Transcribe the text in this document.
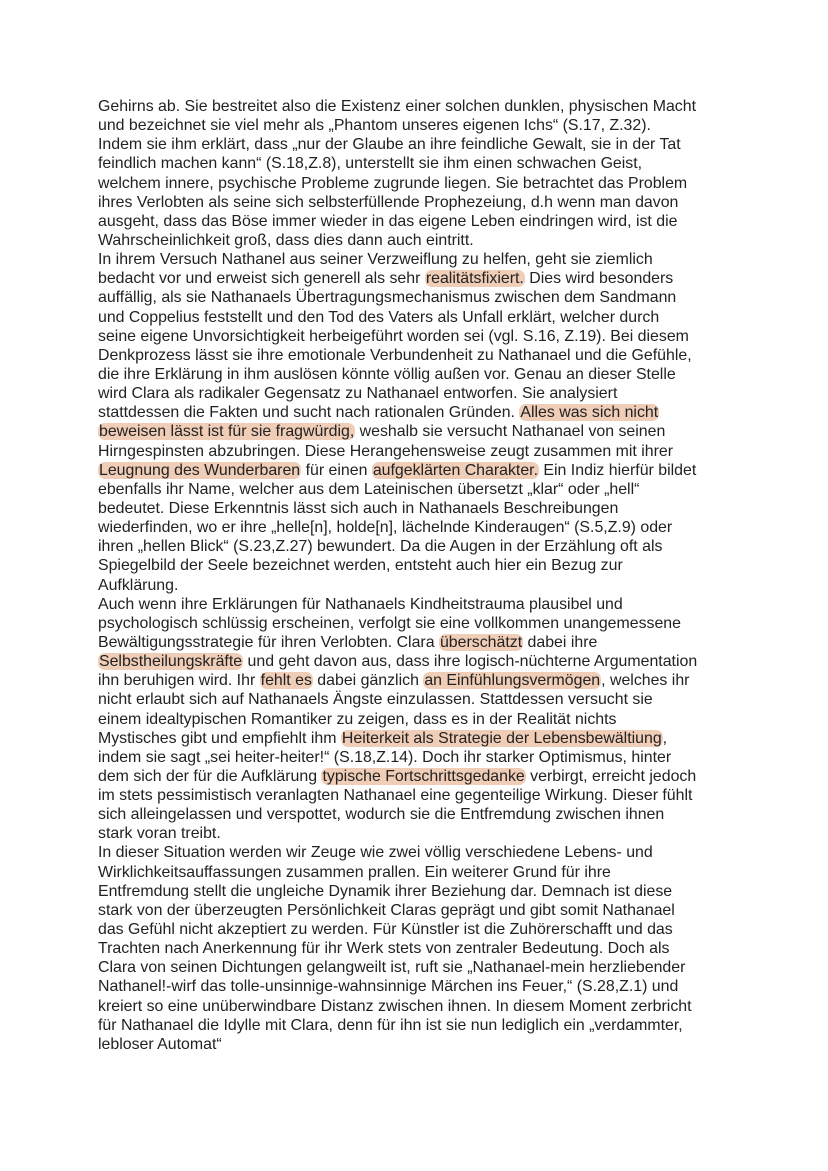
Gehirns ab. Sie bestreitet also die Existenz einer solchen dunklen, physischen Macht
und bezeichnet sie viel mehr als „Phantom unseres eigenen Ichs“ (S.17, Z.32).
Indem sie ihm erklärt, dass „nur der Glaube an ihre feindliche Gewalt, sie in der Tat
feindlich machen kann“ (S.18,Z.8), unterstellt sie ihm einen schwachen Geist,
welchem innere, psychische Probleme zugrunde liegen. Sie betrachtet das Problem
ihres Verlobten als seine sich selbsterfüllende Prophezeiung, d.h wenn man davon
ausgeht, dass das Böse immer wieder in das eigene Leben eindringen wird, ist die
Wahrscheinlichkeit groß, dass dies dann auch eintritt.
In ihrem Versuch Nathanel aus seiner Verzweiflung zu helfen, geht sie ziemlich
bedacht vor und erweist sich generell als sehr realitätsfixiert. Dies wird besonders
auffällig, als sie Nathanaels Übertragungsmechanismus zwischen dem Sandmann
und Coppelius feststellt und den Tod des Vaters als Unfall erklärt, welcher durch
seine eigene Unvorsichtigkeit herbeigeführt worden sei (vgl. S.16, Z.19). Bei diesem
Denkprozess lässt sie ihre emotionale Verbundenheit zu Nathanael und die Gefühle,
die ihre Erklärung in ihm auslösen könnte völlig außen vor. Genau an dieser Stelle
wird Clara als radikaler Gegensatz zu Nathanael entworfen. Sie analysiert
stattdessen die Fakten und sucht nach rationalen Gründen. Alles was sich nicht
beweisen lässt ist für sie fragwürdig, weshalb sie versucht Nathanael von seinen
Hirngespinsten abzubringen. Diese Herangehensweise zeugt zusammen mit ihrer
Leugnung des Wunderbaren für einen aufgeklärten Charakter. Ein Indiz hierfür bildet
ebenfalls ihr Name, welcher aus dem Lateinischen übersetzt „klar“ oder „hell“
bedeutet. Diese Erkenntnis lässt sich auch in Nathanaels Beschreibungen
wiederfinden, wo er ihre „helle[n], holde[n], lächelnde Kinderaugen“ (S.5,Z.9) oder
ihren „hellen Blick“ (S.23,Z.27) bewundert. Da die Augen in der Erzählung oft als
Spiegelbild der Seele bezeichnet werden, entsteht auch hier ein Bezug zur
Aufklärung.
Auch wenn ihre Erklärungen für Nathanaels Kindheitstrauma plausibel und
psychologisch schlüssig erscheinen, verfolgt sie eine vollkommen unangemessene
Bewältigungsstrategie für ihren Verlobten. Clara überschätzt dabei ihre
Selbstheilungskräfte und geht davon aus, dass ihre logisch-nüchterne Argumentation
ihn beruhigen wird. Ihr fehlt es dabei gänzlich an Einfühlungsvermögen, welches ihr
nicht erlaubt sich auf Nathanaels Ängste einzulassen. Stattdessen versucht sie
einem idealtypischen Romantiker zu zeigen, dass es in der Realität nichts
Mystisches gibt und empfiehlt ihm Heiterkeit als Strategie der Lebensbewältiung,
indem sie sagt „sei heiter-heiter!“ (S.18,Z.14). Doch ihr starker Optimismus, hinter
dem sich der für die Aufklärung typische Fortschrittsgedanke verbirgt, erreicht jedoch
im stets pessimistisch veranlagten Nathanael eine gegenteilige Wirkung. Dieser fühlt
sich alleingelassen und verspottet, wodurch sie die Entfremdung zwischen ihnen
stark voran treibt.
In dieser Situation werden wir Zeuge wie zwei völlig verschiedene Lebens- und
Wirklichkeitsauffassungen zusammen prallen. Ein weiterer Grund für ihre
Entfremdung stellt die ungleiche Dynamik ihrer Beziehung dar. Demnach ist diese
stark von der überzeugten Persönlichkeit Claras geprägt und gibt somit Nathanael
das Gefühl nicht akzeptiert zu werden. Für Künstler ist die Zuhörerschafft und das
Trachten nach Anerkennung für ihr Werk stets von zentraler Bedeutung. Doch als
Clara von seinen Dichtungen gelangweilt ist, ruft sie „Nathanael-mein herzliebender
Nathanel!-wirf das tolle-unsinnige-wahnsinnige Märchen ins Feuer,“ (S.28,Z.1) und
kreiert so eine unüberwindbare Distanz zwischen ihnen. In diesem Moment zerbricht
für Nathanael die Idylle mit Clara, denn für ihn ist sie nun lediglich ein „verdammter,
lebloser Automat“
